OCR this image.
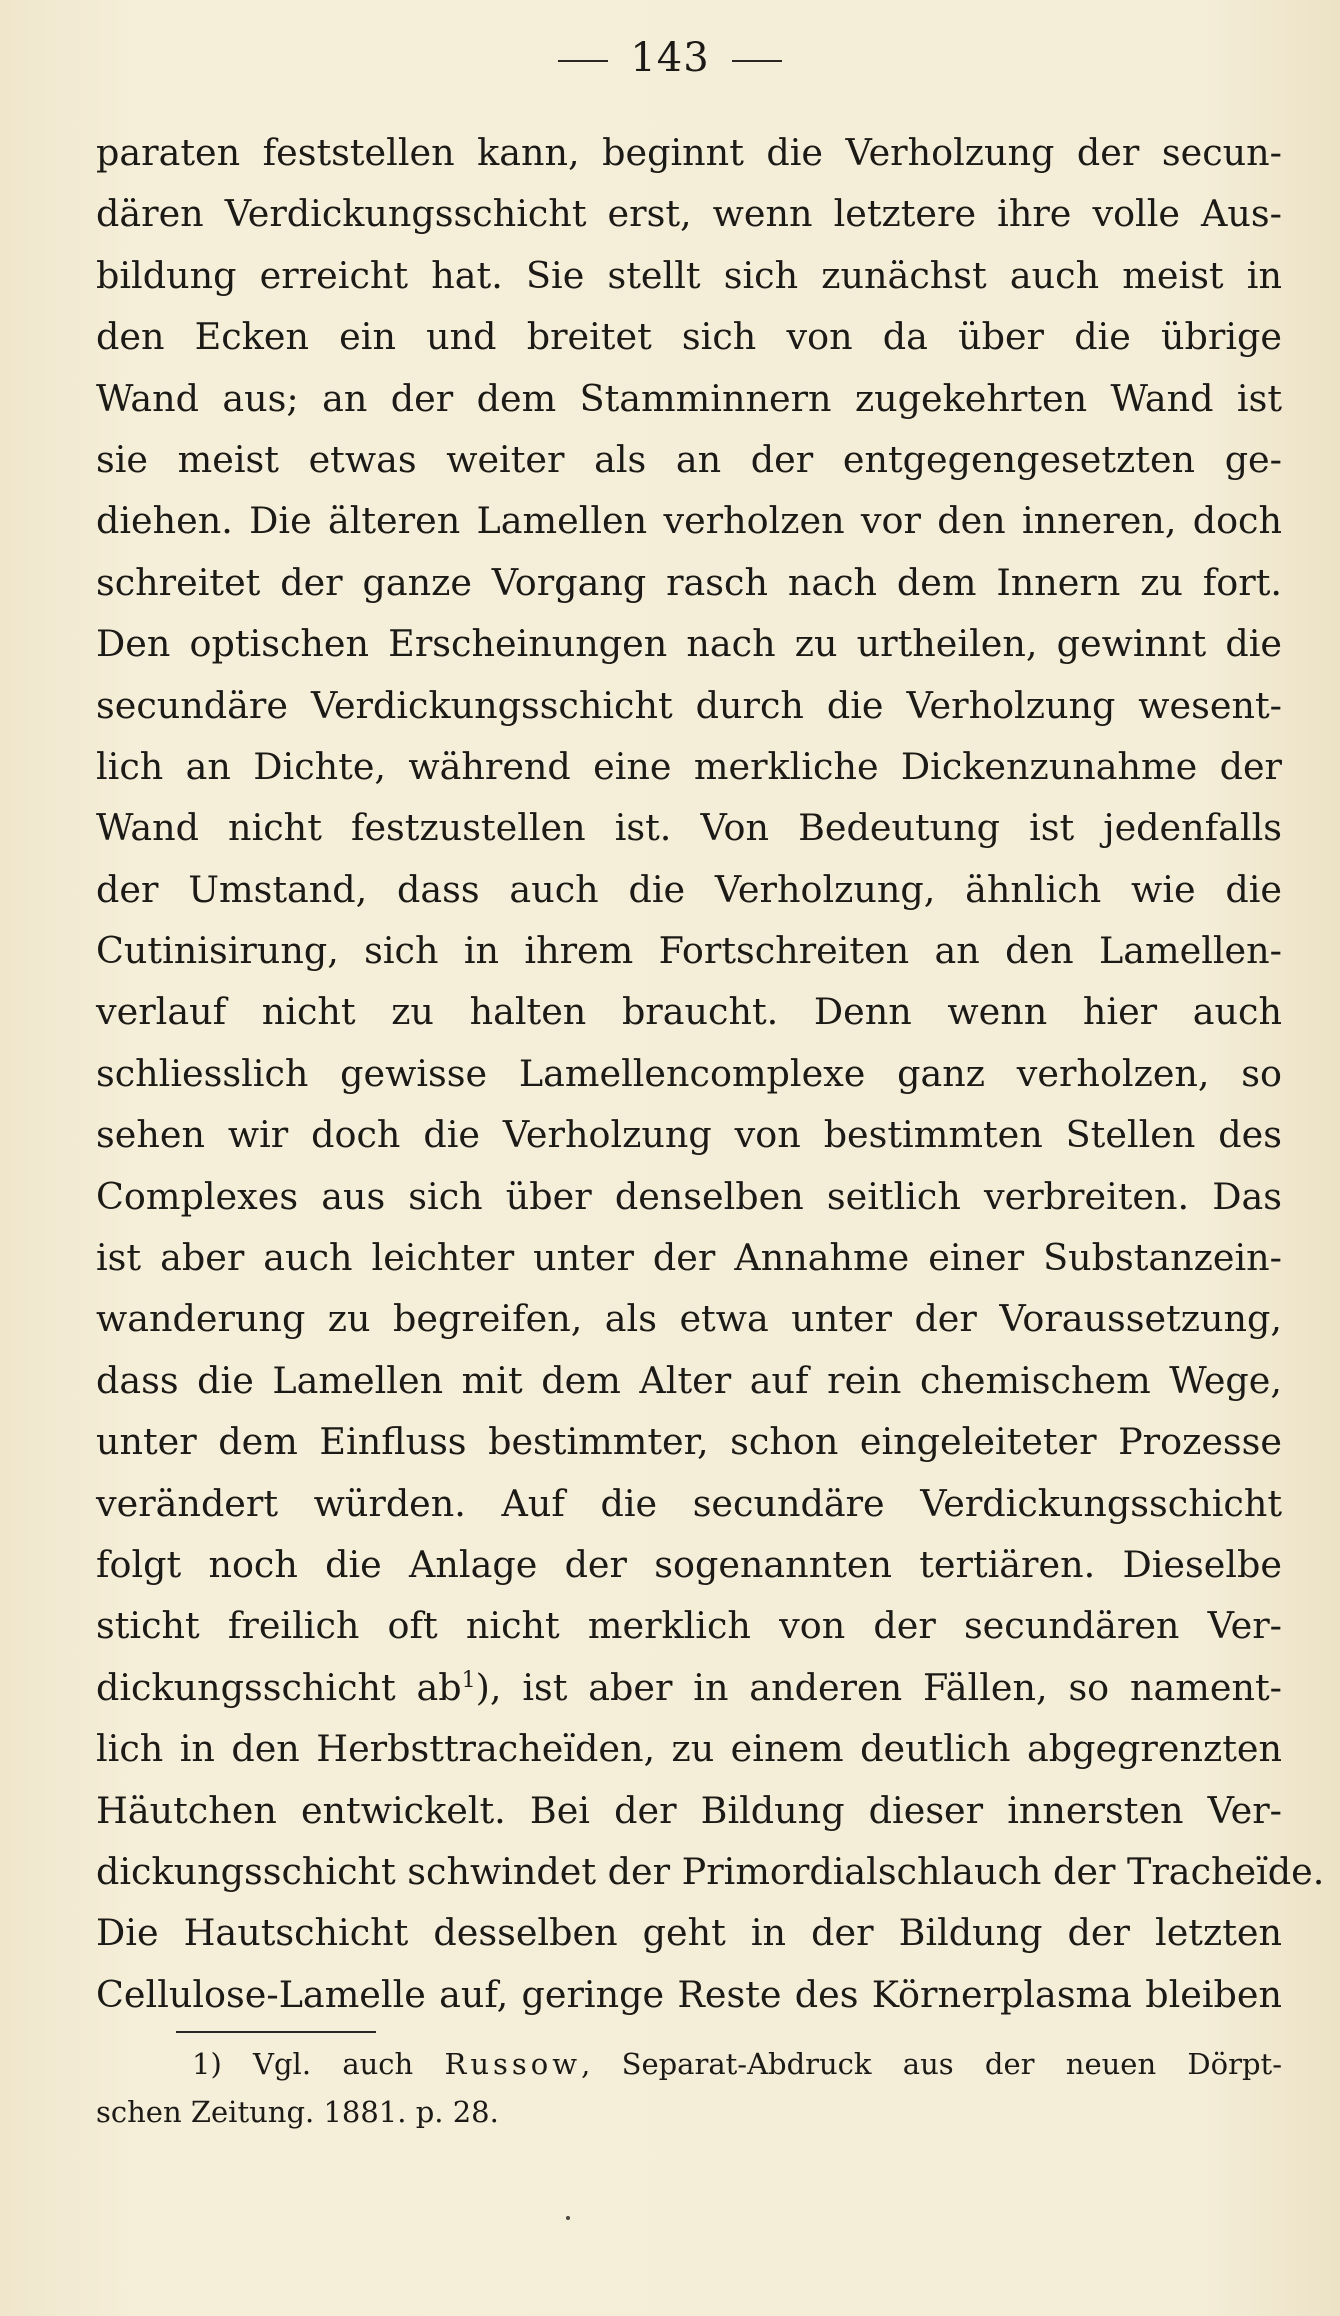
143
paraten feststellen kann, beginnt die Verholzung der secun-
dären Verdickungsschicht erst, wenn letztere ihre volle Aus-
bildung erreicht hat. Sie stellt sich zunächst auch meist in
den Ecken ein und breitet sich von da über die übrige
Wand aus; an der dem Stamminnern zugekehrten Wand ist
sie meist etwas weiter als an der entgegengesetzten ge-
diehen. Die älteren Lamellen verholzen vor den inneren, doch
schreitet der ganze Vorgang rasch nach dem Innern zu fort.
Den optischen Erscheinungen nach zu urtheilen, gewinnt die
secundäre Verdickungsschicht durch die Verholzung wesent-
lich an Dichte, während eine merkliche Dickenzunahme der
Wand nicht festzustellen ist. Von Bedeutung ist jedenfalls
der Umstand, dass auch die Verholzung, ähnlich wie die
Cutinisirung, sich in ihrem Fortschreiten an den Lamellen-
verlauf nicht zu halten braucht. Denn wenn hier auch
schliesslich gewisse Lamellencomplexe ganz verholzen, so
sehen wir doch die Verholzung von bestimmten Stellen des
Complexes aus sich über denselben seitlich verbreiten. Das
ist aber auch leichter unter der Annahme einer Substanzein-
wanderung zu begreifen, als etwa unter der Voraussetzung,
dass die Lamellen mit dem Alter auf rein chemischem Wege,
unter dem Einfluss bestimmter, schon eingeleiteter Prozesse
verändert würden. Auf die secundäre Verdickungsschicht
folgt noch die Anlage der sogenannten tertiären. Dieselbe
sticht freilich oft nicht merklich von der secundären Ver-
dickungsschicht $ab^1$), ist aber in anderen Fällen, so nament-
lich in den Herbsttracheïden, zu einem deutlich abgegrenzten
Häutchen entwickelt. Bei der Bildung dieser innersten Ver-
dickungsschicht schwindet der Primordialschlauch der Tracheïde.
Die Hautschicht desselben geht in der Bildung der letzten
Cellulose-Lamelle auf, geringe Reste des Körnerplasma bleiben
1) Vgl. auch Russow, Separat-Abdruck aus der neuen Dörpt-
schen Zeitung. 1881. p. 28.
